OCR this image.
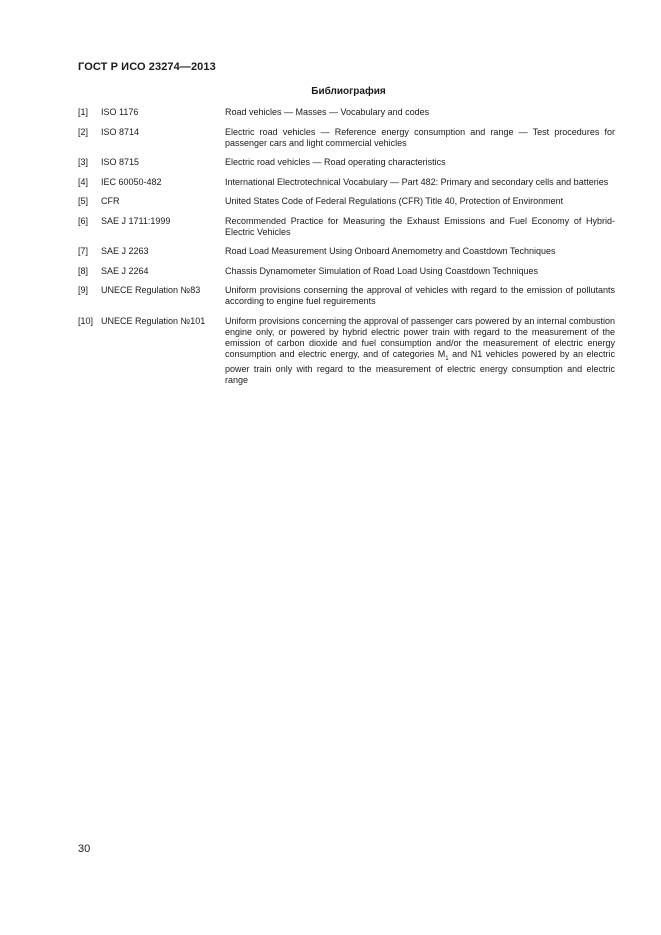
ГОСТ Р ИСО 23274—2013
Библиография
[1]	ISO 1176	Road vehicles — Masses — Vocabulary and codes
[2]	ISO 8714	Electric road vehicles — Reference energy consumption and range — Test procedures for passenger cars and light commercial vehicles
[3]	ISO 8715	Electric road vehicles — Road operating characteristics
[4]	IEC 60050-482	International Electrotechnical Vocabulary — Part 482: Primary and secondary cells and batteries
[5]	CFR	United States Code of Federal Regulations (CFR) Title 40, Protection of Environment
[6]	SAE J 1711:1999	Recommended Practice for Measuring the Exhaust Emissions and Fuel Economy of Hybrid-Electric Vehicles
[7]	SAE J 2263	Road Load Measurement Using Onboard Anemometry and Coastdown Techniques
[8]	SAE J 2264	Chassis Dynamometer Simulation of Road Load Using Coastdown Techniques
[9]	UNECE Regulation №83	Uniform provisions conserning the approval of vehicles with regard to the emission of pollutants according to engine fuel reguirements
[10] UNECE Regulation №101	Uniform provisions concerning the approval of passenger cars powered by an internal combustion engine only, or powered by hybrid electric power train with regard to the measurement of the emission of carbon dioxide and fuel consumption and/or the measurement of electric energy consumption and electric energy, and of categories $M_1$ and N1 vehicles powered by an electric power train only with regard to the measurement of electric energy consumption and electric range
30
